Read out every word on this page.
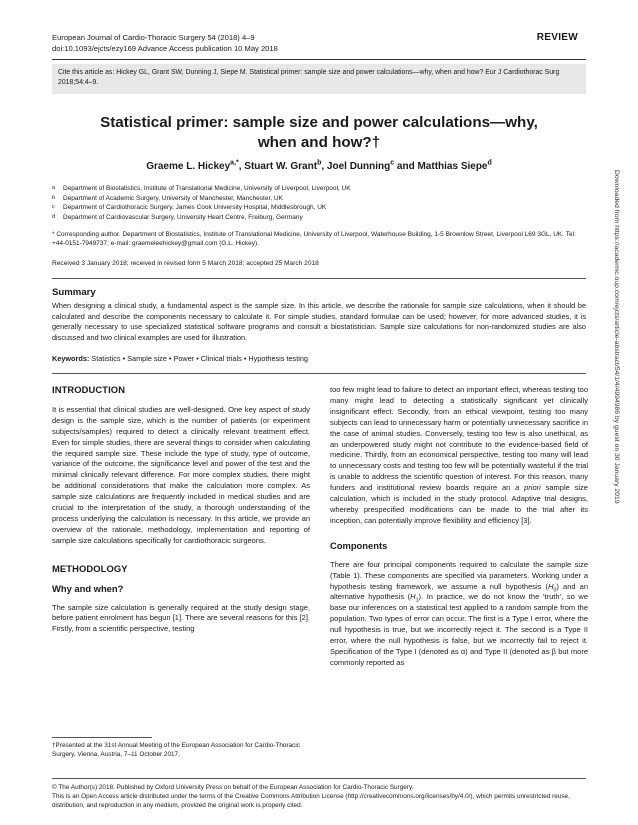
European Journal of Cardio-Thoracic Surgery 54 (2018) 4–9
doi:10.1093/ejcts/ezy169 Advance Access publication 10 May 2018
REVIEW
Cite this article as: Hickey GL, Grant SW, Dunning J, Siepe M. Statistical primer: sample size and power calculations—why, when and how? Eur J Cardiothorac Surg 2018;54:4–9.
Statistical primer: sample size and power calculations—why,
when and how?†
Graeme L. Hickey$^{a,*}$, Stuart W. Grant$^b$, Joel Dunning$^c$ and Matthias Siepe$^d$
a	Department of Biostatistics, Institute of Translational Medicine, University of Liverpool, Liverpool, UK
b	Department of Academic Surgery, University of Manchester, Manchester, UK
c	Department of Cardiothoracic Surgery, James Cook University Hospital, Middlesbrough, UK
d	Department of Cardiovascular Surgery, University Heart Centre, Freiburg, Germany
* Corresponding author. Department of Biostatistics, Institute of Translational Medicine, University of Liverpool, Waterhouse Building, 1-5 Brownlow Street, Liverpool L69 3GL, UK. Tel: +44-0151-7949737; e-mail: graemeleehickey@gmail.com (G.L. Hickey).
Received 3 January 2018; received in revised form 5 March 2018; accepted 25 March 2018
Summary
When designing a clinical study, a fundamental aspect is the sample size. In this article, we describe the rationale for sample size calculations, when it should be calculated and describe the components necessary to calculate it. For simple studies, standard formulae can be used; however, for more advanced studies, it is generally necessary to use specialized statistical software programs and consult a biostatistician. Sample size calculations for non-randomized studies are also discussed and two clinical examples are used for illustration.
Keywords: Statistics • Sample size • Power • Clinical trials • Hypothesis testing
INTRODUCTION

It is essential that clinical studies are well-designed. One key aspect of study design is the sample size, which is the number of patients (or experiment subjects/samples) required to detect a clinically relevant treatment effect. Even for simple studies, there are several things to consider when calculating the required sample size. These include the type of study, type of outcome, variance of the outcome, the significance level and power of the test and the minimal clinically relevant difference. For more complex studies, there might be additional considerations that make the calculation more complex. As sample size calculations are frequently included in medical studies and are crucial to the interpretation of the study, a thorough understanding of the process underlying the calculation is necessary. In this article, we provide an overview of the rationale, methodology, implementation and reporting of sample size calculations specifically for cardiothoracic surgeons.

METHODOLOGY
Why and when?

The sample size calculation is generally required at the study design stage, before patient enrolment has begun [1]. There are several reasons for this [2]. Firstly, from a scientific perspective, testing

too few might lead to failure to detect an important effect, whereas testing too many might lead to detecting a statistically significant yet clinically insignificant effect. Secondly, from an ethical viewpoint, testing too many subjects can lead to unnecessary harm or potentially unnecessary sacrifice in the case of animal studies. Conversely, testing too few is also unethical, as an underpowered study might not contribute to the evidence-based field of medicine. Thirdly, from an economical perspective, testing too many will lead to unnecessary costs and testing too few will be potentially wasteful if the trial is unable to address the scientific question of interest. For this reason, many funders and institutional review boards require an a priori sample size calculation, which is included in the study protocol. Adaptive trial designs, whereby prespecified modifications can be made to the trial after its inception, can potentially improve flexibility and efficiency [3].

Components

There are four principal components required to calculate the sample size (Table 1). These components are specified via parameters. Working under a hypothesis testing framework, we assume a null hypothesis $(H_0)$ and an alternative hypothesis $(H_1)$. In practice, we do not know the ‘truth’, so we base our inferences on a statistical test applied to a random sample from the population. Two types of error can occur. The first is a Type I error, where the null hypothesis is true, but we incorrectly reject it. The second is a Type II error, where the null hypothesis is false, but we incorrectly fail to reject it. Specification of the Type I (denoted as α) and Type II (denoted as β but more commonly reported as

†Presented at the 31st Annual Meeting of the European Association for Cardio-Thoracic Surgery, Vienna, Austria, 7–11 October 2017.
© The Author(s) 2018. Published by Oxford University Press on behalf of the European Association for Cardio-Thoracic Surgery.
This is an Open Access article distributed under the terms of the Creative Commons Attribution License (http://creativecommons.org/licenses/by/4.0/), which permits unrestricted reuse, distribution, and reproduction in any medium, provided the original work is properly cited.
Downloaded from https://academic.oup.com/ejcts/article-abstract/54/1/4/4994986 by guest on 30 January 2019
